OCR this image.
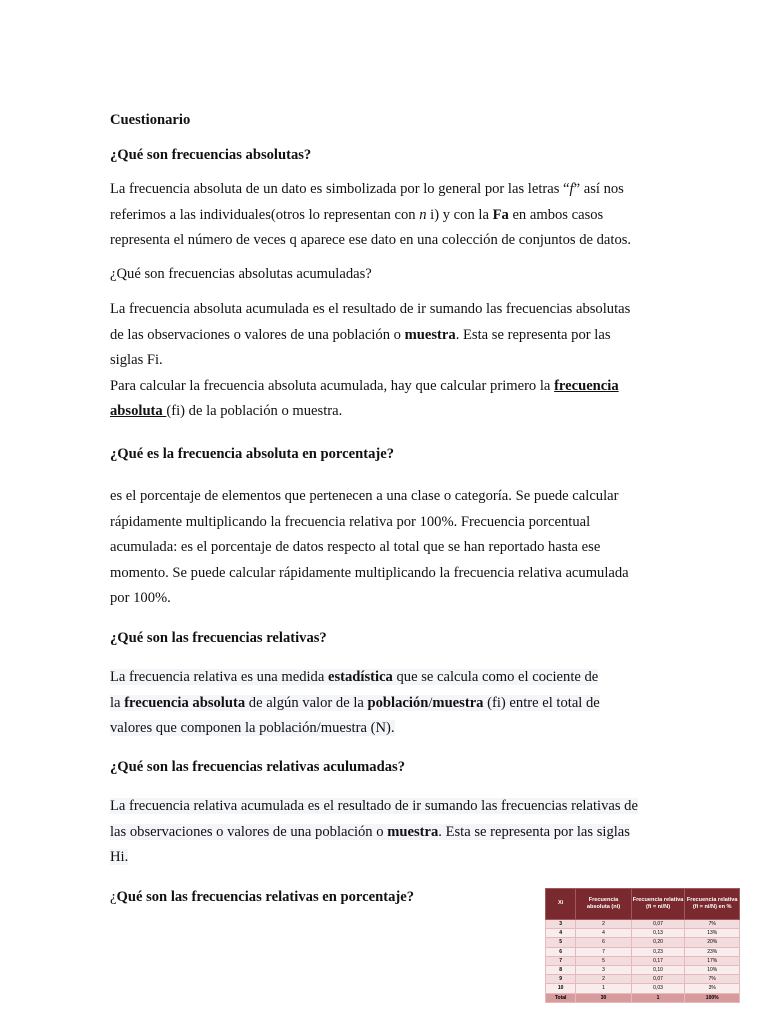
Cuestionario

¿Qué son frecuencias absolutas?

La frecuencia absoluta de un dato es simbolizada por lo general por las letras “f” así nos
referimos a las individuales(otros lo representan con n i) y con la Fa en ambos casos
representa el número de veces q aparece ese dato en una colección de conjuntos de datos.

¿Qué son frecuencias absolutas acumuladas?

La frecuencia absoluta acumulada es el resultado de ir sumando las frecuencias absolutas
de las observaciones o valores de una población o muestra. Esta se representa por las
siglas Fi.
Para calcular la frecuencia absoluta acumulada, hay que calcular primero la frecuencia
absoluta (fi) de la población o muestra.

¿Qué es la frecuencia absoluta en porcentaje?

es el porcentaje de elementos que pertenecen a una clase o categoría. Se puede calcular
rápidamente multiplicando la frecuencia relativa por 100%. Frecuencia porcentual
acumulada: es el porcentaje de datos respecto al total que se han reportado hasta ese
momento. Se puede calcular rápidamente multiplicando la frecuencia relativa acumulada
por 100%.

¿Qué son las frecuencias relativas?

La frecuencia relativa es una medida estadística que se calcula como el cociente de
la frecuencia absoluta de algún valor de la población/muestra (fi) entre el total de
valores que componen la población/muestra (N).

¿Qué son las frecuencias relativas aculumadas?

La frecuencia relativa acumulada es el resultado de ir sumando las frecuencias relativas de
las observaciones o valores de una población o muestra. Esta se representa por las siglas
Hi.

¿Qué son las frecuencias relativas en porcentaje?	Xi	Frecuencia absoluta (ni)	Frecuencia relativa (fi = ni/N)	Frecuencia relativa (fi = ni/N) en %
3	2	0,07	7%
4	4	0,13	13%
5	6	0,20	20%
6	7	0,23	23%
7	5	0,17	17%
8	3	0,10	10%
9	2	0,07	7%
10	1	0,03	3%
Total	30	1	100%
